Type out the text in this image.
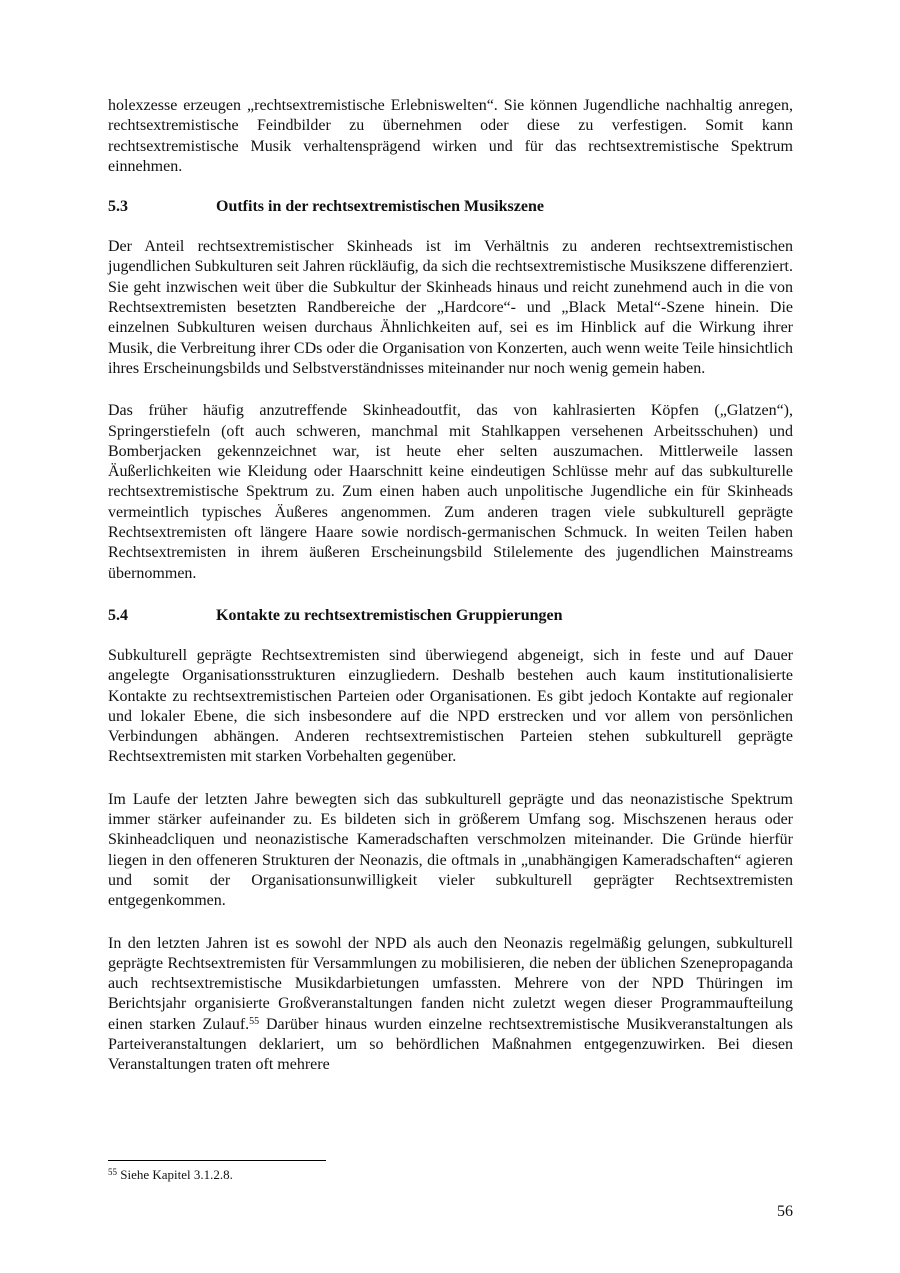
holexzesse erzeugen „rechtsextremistische Erlebniswelten“. Sie können Jugendliche nachhaltig anregen, rechtsextremistische Feindbilder zu übernehmen oder diese zu verfestigen. Somit kann rechtsextremistische Musik verhaltensprägend wirken und für das rechtsextremistische Spektrum einnehmen.

5.3	Outfits in der rechtsextremistischen Musikszene

Der Anteil rechtsextremistischer Skinheads ist im Verhältnis zu anderen rechtsextremistischen jugendlichen Subkulturen seit Jahren rückläufig, da sich die rechtsextremistische Musikszene differenziert. Sie geht inzwischen weit über die Subkultur der Skinheads hinaus und reicht zunehmend auch in die von Rechtsextremisten besetzten Randbereiche der „Hardcore“- und „Black Metal“-Szene hinein. Die einzelnen Subkulturen weisen durchaus Ähnlichkeiten auf, sei es im Hinblick auf die Wirkung ihrer Musik, die Verbreitung ihrer CDs oder die Organisation von Konzerten, auch wenn weite Teile hinsichtlich ihres Erscheinungsbilds und Selbstverständnisses miteinander nur noch wenig gemein haben.

Das früher häufig anzutreffende Skinheadoutfit, das von kahlrasierten Köpfen („Glatzen“), Springerstiefeln (oft auch schweren, manchmal mit Stahlkappen versehenen Arbeitsschuhen) und Bomberjacken gekennzeichnet war, ist heute eher selten auszumachen. Mittlerweile lassen Äußerlichkeiten wie Kleidung oder Haarschnitt keine eindeutigen Schlüsse mehr auf das subkulturelle rechtsextremistische Spektrum zu. Zum einen haben auch unpolitische Jugendliche ein für Skinheads vermeintlich typisches Äußeres angenommen. Zum anderen tragen viele subkulturell geprägte Rechtsextremisten oft längere Haare sowie nordisch-germanischen Schmuck. In weiten Teilen haben Rechtsextremisten in ihrem äußeren Erscheinungsbild Stilelemente des jugendlichen Mainstreams übernommen.

5.4	Kontakte zu rechtsextremistischen Gruppierungen

Subkulturell geprägte Rechtsextremisten sind überwiegend abgeneigt, sich in feste und auf Dauer angelegte Organisationsstrukturen einzugliedern. Deshalb bestehen auch kaum institutionalisierte Kontakte zu rechtsextremistischen Parteien oder Organisationen. Es gibt jedoch Kontakte auf regionaler und lokaler Ebene, die sich insbesondere auf die NPD erstrecken und vor allem von persönlichen Verbindungen abhängen. Anderen rechtsextremistischen Parteien stehen subkulturell geprägte Rechtsextremisten mit starken Vorbehalten gegenüber.

Im Laufe der letzten Jahre bewegten sich das subkulturell geprägte und das neonazistische Spektrum immer stärker aufeinander zu. Es bildeten sich in größerem Umfang sog. Mischszenen heraus oder Skinheadcliquen und neonazistische Kameradschaften verschmolzen miteinander. Die Gründe hierfür liegen in den offeneren Strukturen der Neonazis, die oftmals in „unabhängigen Kameradschaften“ agieren und somit der Organisationsunwilligkeit vieler subkulturell geprägter Rechtsextremisten entgegenkommen.

In den letzten Jahren ist es sowohl der NPD als auch den Neonazis regelmäßig gelungen, subkulturell geprägte Rechtsextremisten für Versammlungen zu mobilisieren, die neben der üblichen Szenepropaganda auch rechtsextremistische Musikdarbietungen umfassten. Mehrere von der NPD Thüringen im Berichtsjahr organisierte Großveranstaltungen fanden nicht zuletzt wegen dieser Programmaufteilung einen starken Zulauf.$^{55}$ Darüber hinaus wurden einzelne rechtsextremistische Musikveranstaltungen als Parteiveranstaltungen deklariert, um so behördlichen Maßnahmen entgegenzuwirken. Bei diesen Veranstaltungen traten oft mehrere

$^{55}$ Siehe Kapitel 3.1.2.8.
56
